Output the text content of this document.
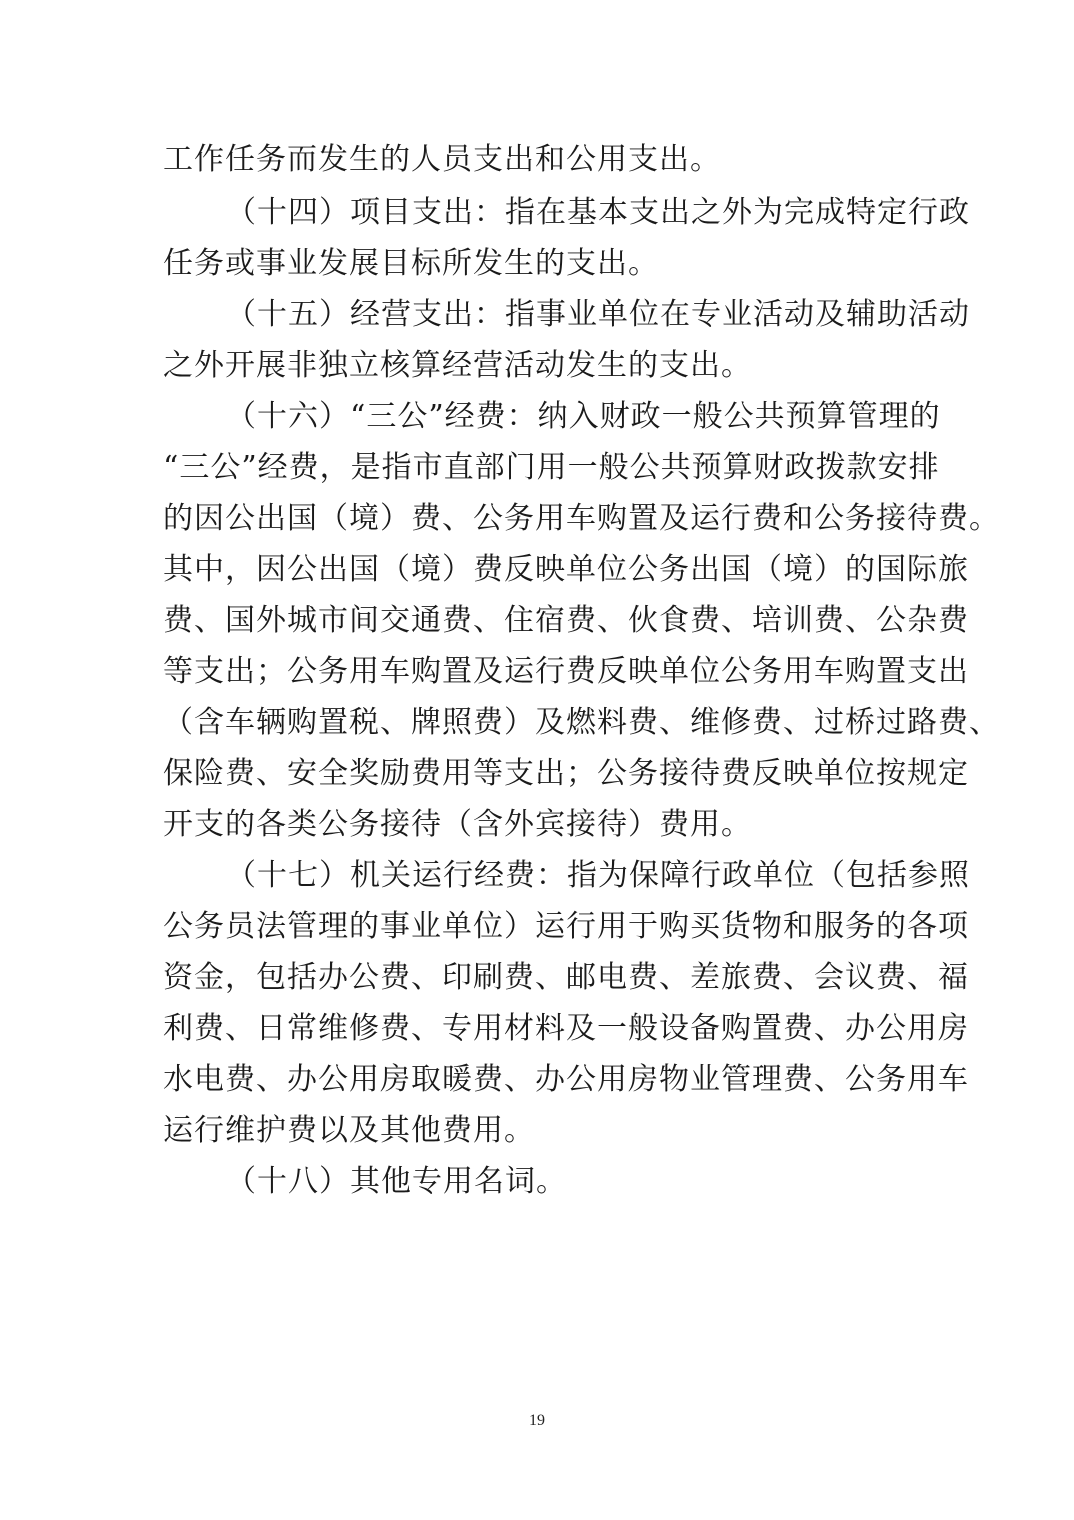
工作任务而发生的人员支出和公用支出。
（十四）项目支出：指在基本支出之外为完成特定行政
任务或事业发展目标所发生的支出。
（十五）经营支出：指事业单位在专业活动及辅助活动
之外开展非独立核算经营活动发生的支出。
（十六）“三公”经费：纳入财政一般公共预算管理的
“三公”经费，是指市直部门用一般公共预算财政拨款安排
的因公出国（境）费、公务用车购置及运行费和公务接待费。
其中，因公出国（境）费反映单位公务出国（境）的国际旅
费、国外城市间交通费、住宿费、伙食费、培训费、公杂费
等支出；公务用车购置及运行费反映单位公务用车购置支出
（含车辆购置税、牌照费）及燃料费、维修费、过桥过路费、
保险费、安全奖励费用等支出；公务接待费反映单位按规定
开支的各类公务接待（含外宾接待）费用。
（十七）机关运行经费：指为保障行政单位（包括参照
公务员法管理的事业单位）运行用于购买货物和服务的各项
资金，包括办公费、印刷费、邮电费、差旅费、会议费、福
利费、日常维修费、专用材料及一般设备购置费、办公用房
水电费、办公用房取暖费、办公用房物业管理费、公务用车
运行维护费以及其他费用。
（十八）其他专用名词。
19
